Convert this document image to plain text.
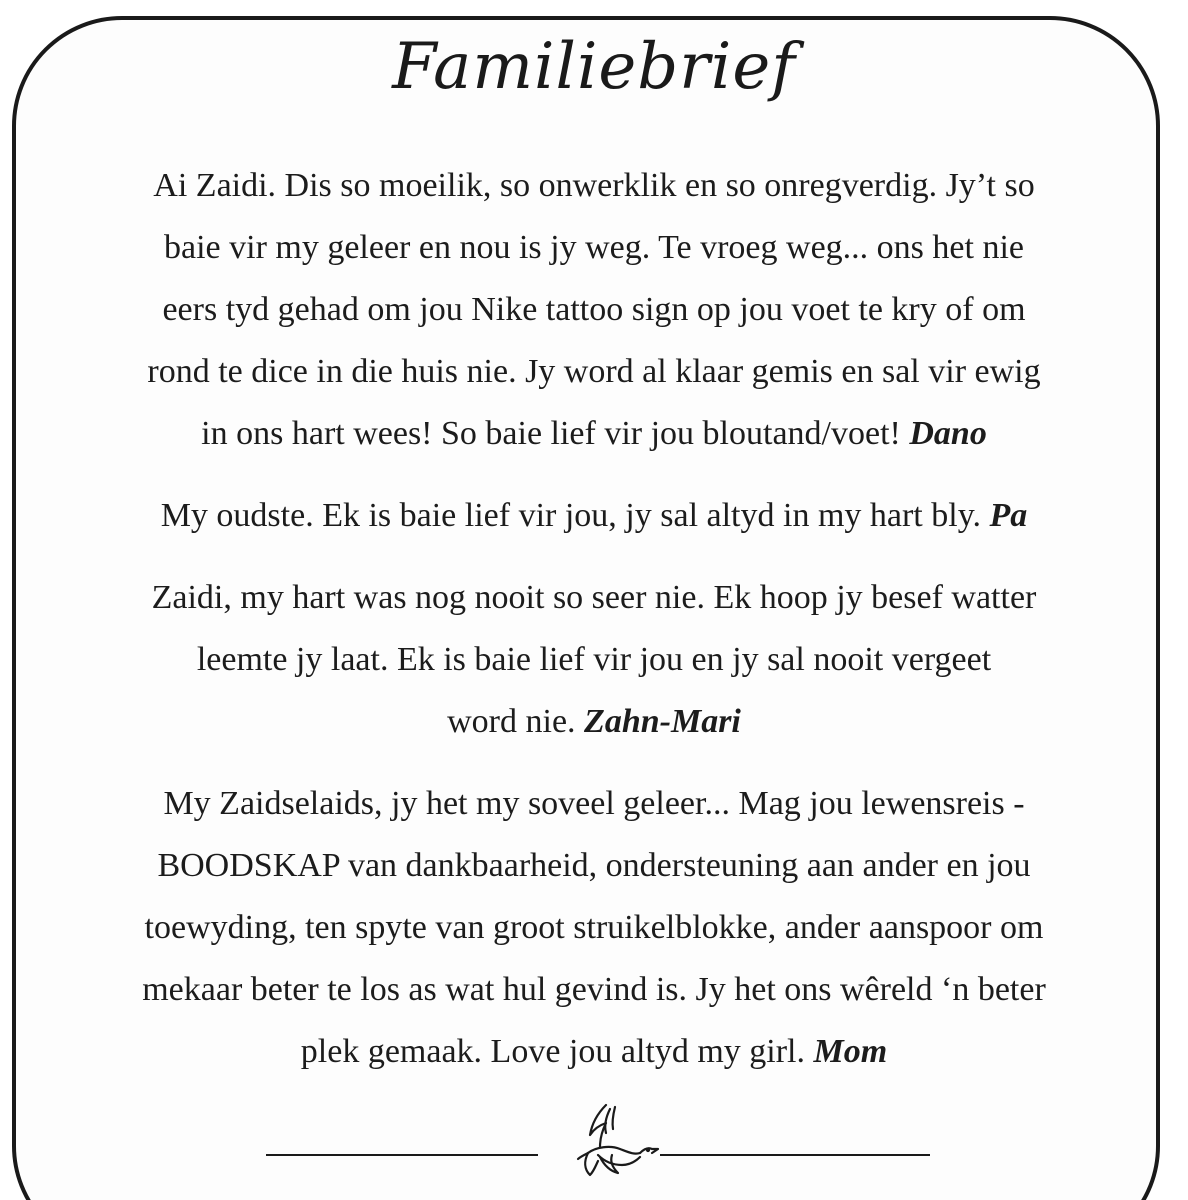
Familiebrief

Ai Zaidi. Dis so moeilik, so onwerklik en so onregverdig. Jy’t so
baie vir my geleer en nou is jy weg. Te vroeg weg... ons het nie
eers tyd gehad om jou Nike tattoo sign op jou voet te kry of om
rond te dice in die huis nie. Jy word al klaar gemis en sal vir ewig
in ons hart wees! So baie lief vir jou bloutand/voet! Dano

My oudste. Ek is baie lief vir jou, jy sal altyd in my hart bly. Pa

Zaidi, my hart was nog nooit so seer nie. Ek hoop jy besef watter
leemte jy laat. Ek is baie lief vir jou en jy sal nooit vergeet
word nie. Zahn-Mari

My Zaidselaids, jy het my soveel geleer... Mag jou lewensreis -
BOODSKAP van dankbaarheid, ondersteuning aan ander en jou
toewyding, ten spyte van groot struikelblokke, ander aanspoor om
mekaar beter te los as wat hul gevind is. Jy het ons wêreld ‘n beter
plek gemaak. Love jou altyd my girl. Mom
